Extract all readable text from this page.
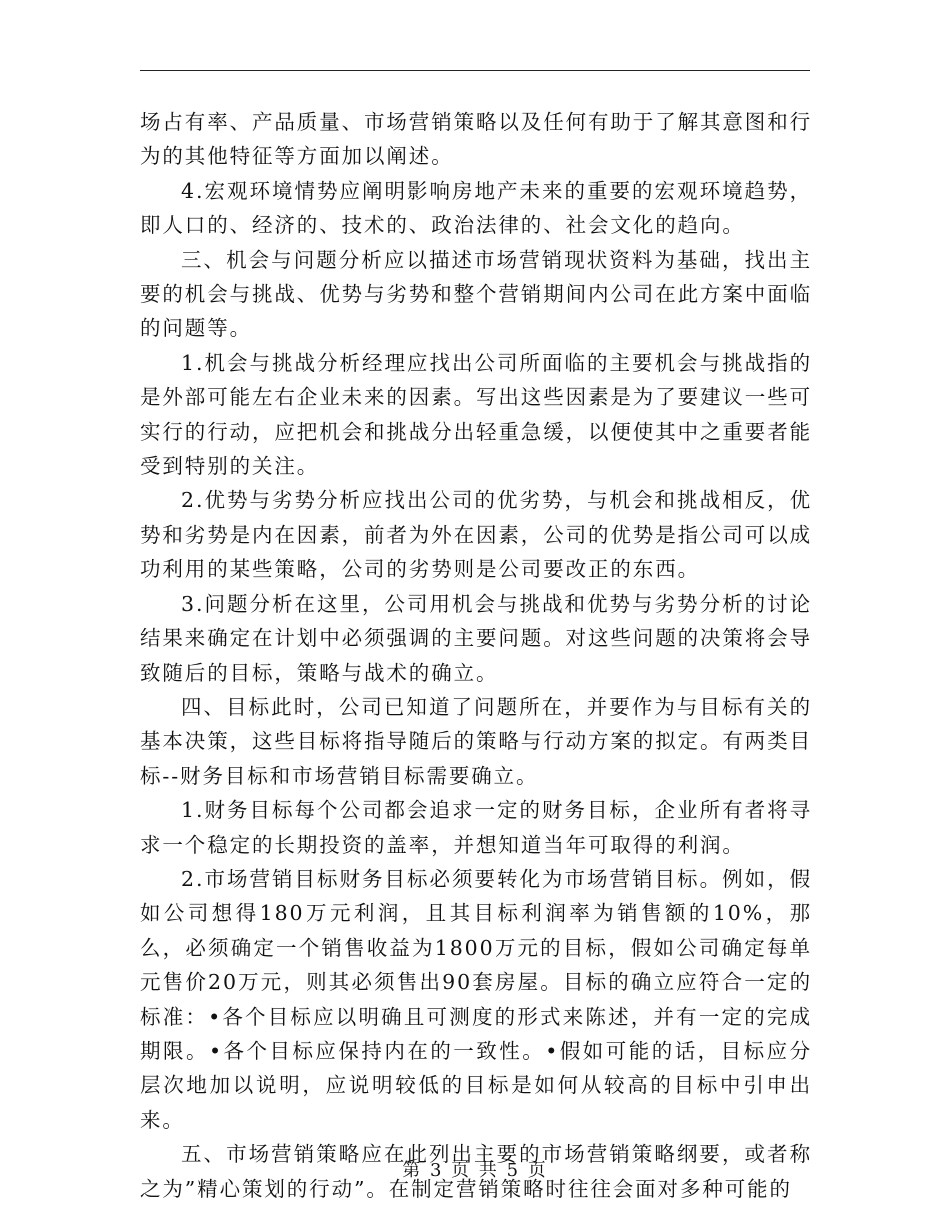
场占有率、产品质量、市场营销策略以及任何有助于了解其意图和行为的其他特征等方面加以阐述。

4.宏观环境情势应阐明影响房地产未来的重要的宏观环境趋势，即人口的、经济的、技术的、政治法律的、社会文化的趋向。

三、机会与问题分析应以描述市场营销现状资料为基础，找出主要的机会与挑战、优势与劣势和整个营销期间内公司在此方案中面临的问题等。

1.机会与挑战分析经理应找出公司所面临的主要机会与挑战指的是外部可能左右企业未来的因素。写出这些因素是为了要建议一些可实行的行动，应把机会和挑战分出轻重急缓，以便使其中之重要者能受到特别的关注。

2.优势与劣势分析应找出公司的优劣势，与机会和挑战相反，优势和劣势是内在因素，前者为外在因素，公司的优势是指公司可以成功利用的某些策略，公司的劣势则是公司要改正的东西。

3.问题分析在这里，公司用机会与挑战和优势与劣势分析的讨论结果来确定在计划中必须强调的主要问题。对这些问题的决策将会导致随后的目标，策略与战术的确立。

四、目标此时，公司已知道了问题所在，并要作为与目标有关的基本决策，这些目标将指导随后的策略与行动方案的拟定。有两类目标--财务目标和市场营销目标需要确立。

1.财务目标每个公司都会追求一定的财务目标，企业所有者将寻求一个稳定的长期投资的盖率，并想知道当年可取得的利润。

2.市场营销目标财务目标必须要转化为市场营销目标。例如，假如公司想得180万元利润，且其目标利润率为销售额的10%，那么，必须确定一个销售收益为1800万元的目标，假如公司确定每单元售价20万元，则其必须售出90套房屋。目标的确立应符合一定的标准：•各个目标应以明确且可测度的形式来陈述，并有一定的完成期限。•各个目标应保持内在的一致性。•假如可能的话，目标应分层次地加以说明，应说明较低的目标是如何从较高的目标中引申出来。

五、市场营销策略应在此列出主要的市场营销策略纲要，或者称之为”精心策划的行动”。在制定营销策略时往往会面对多种可能的

第 3 页 共 5 页
